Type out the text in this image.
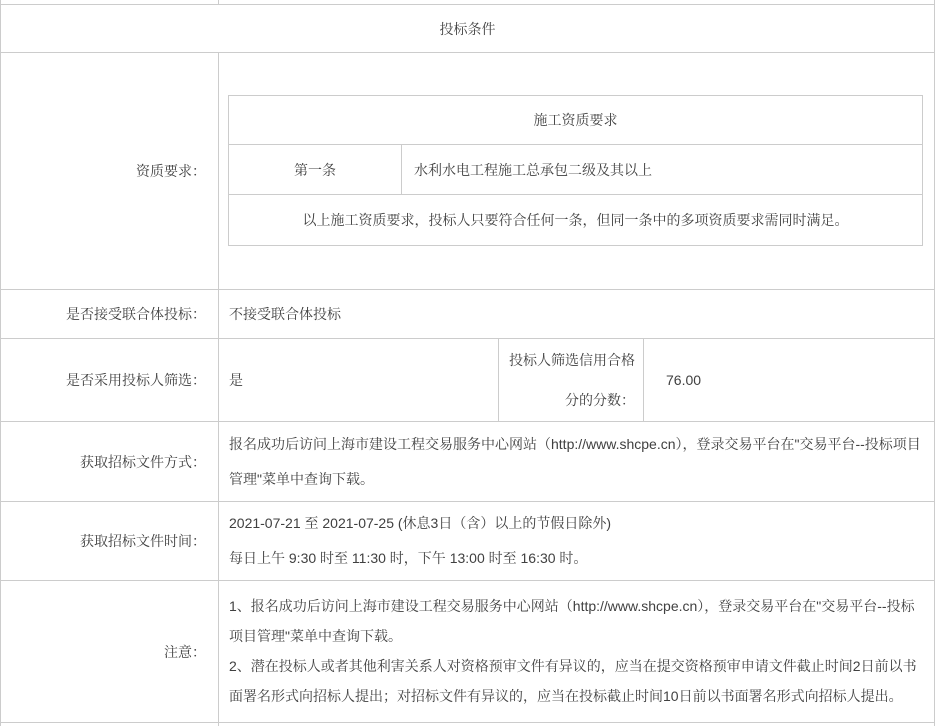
投标条件
资质要求：
施工资质要求
第一条	水利水电工程施工总承包二级及其以上
以上施工资质要求，投标人只要符合任何一条，但同一条中的多项资质要求需同时满足。
是否接受联合体投标：	不接受联合体投标
是否采用投标人筛选：	是
投标人筛选信用合格分的分数：
76.00
获取招标文件方式：
报名成功后访问上海市建设工程交易服务中心网站（http://www.shcpe.cn），登录交易平台在"交易平台--投标项目管理"菜单中查询下载。
获取招标文件时间：
2021-07-21 至 2021-07-25 (休息3日（含）以上的节假日除外)
每日上午 9:30 时至 11:30 时，下午 13:00 时至 16:30 时。
注意：
1、报名成功后访问上海市建设工程交易服务中心网站（http://www.shcpe.cn），登录交易平台在"交易平台--投标项目管理"菜单中查询下载。
2、潜在投标人或者其他利害关系人对资格预审文件有异议的，应当在提交资格预审申请文件截止时间2日前以书面署名形式向招标人提出；对招标文件有异议的，应当在投标截止时间10日前以书面署名形式向招标人提出。
